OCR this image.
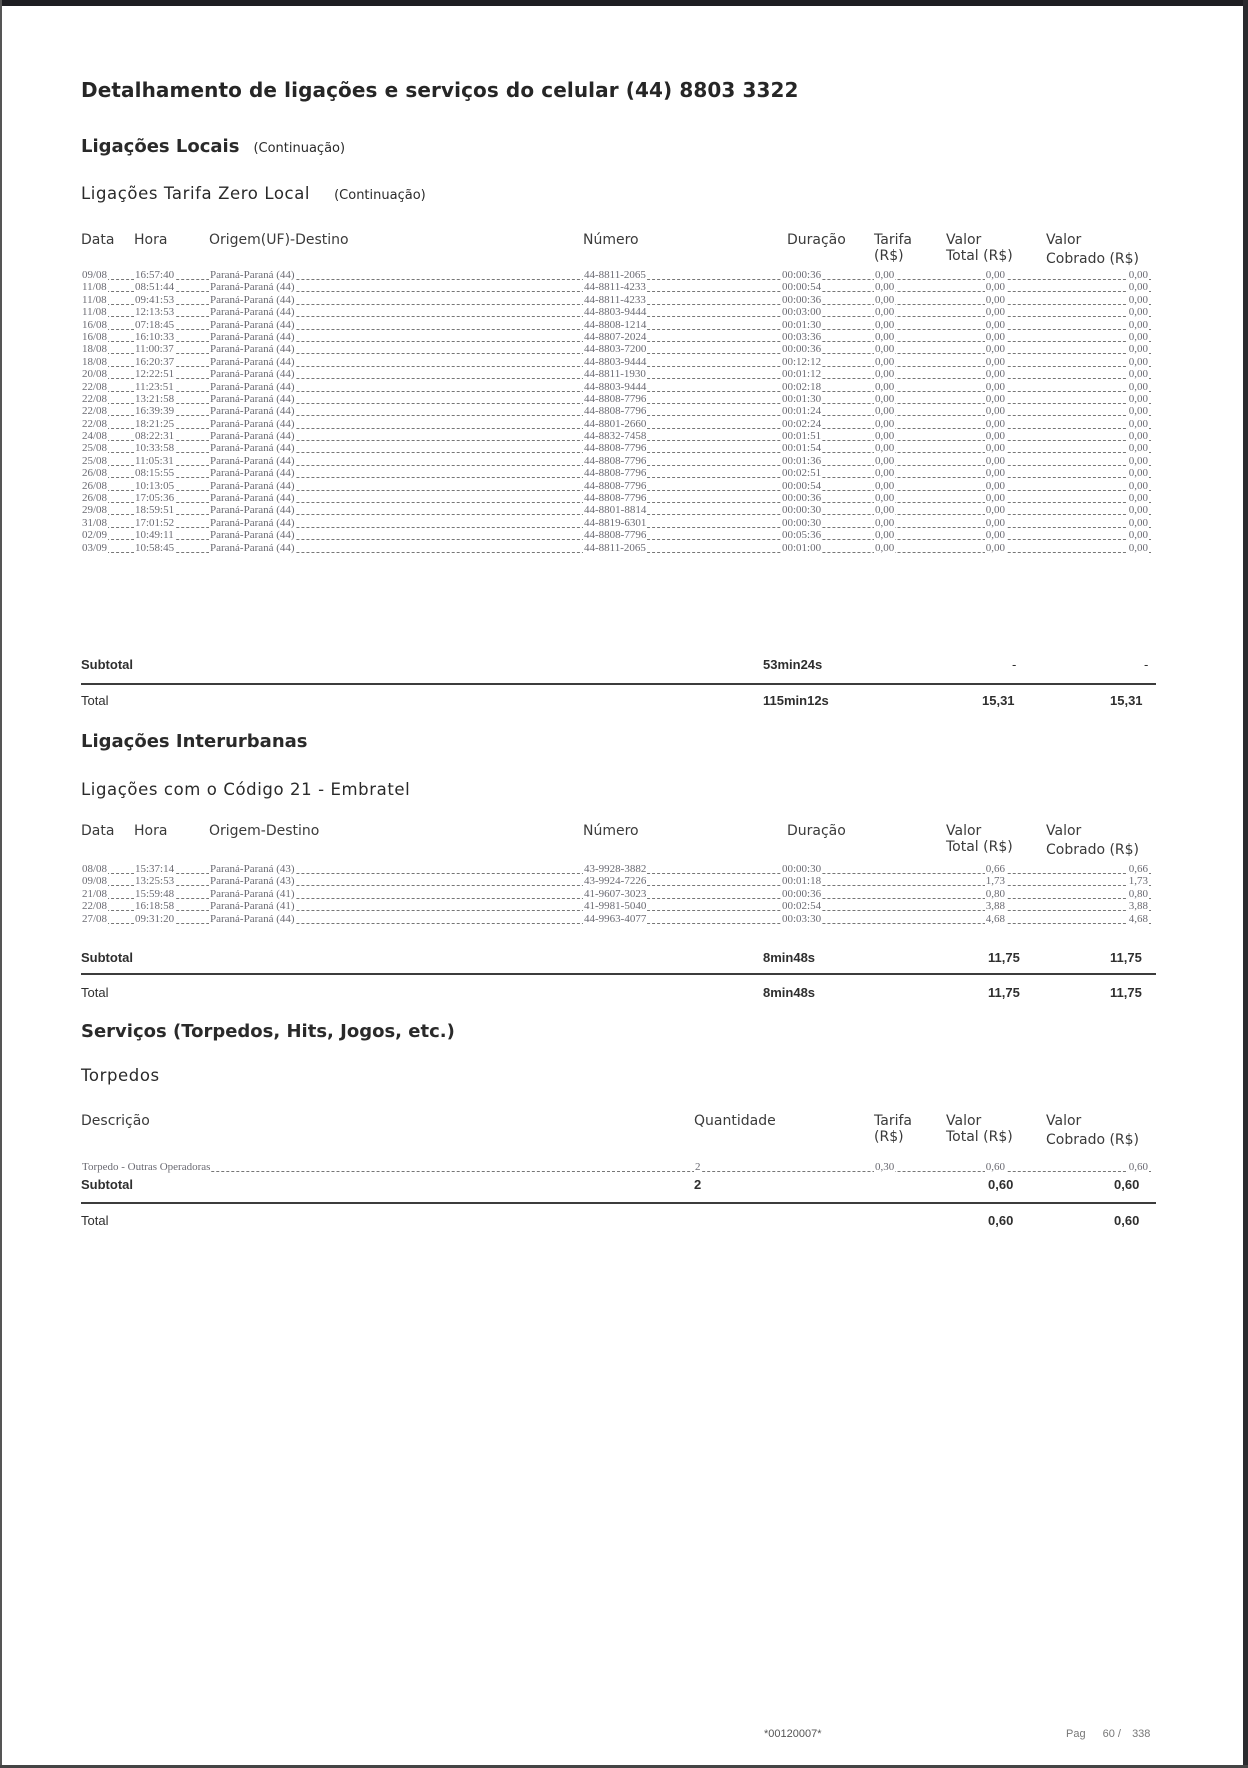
Detalhamento de ligações e serviços do celular (44) 8803 3322
Ligações Locais (Continuação)
Ligações Tarifa Zero Local (Continuação)
Data Hora	Origem(UF)-Destino	Número	Duração Tarifa
(R$)
Valor
Total (R$)
Valor
Cobrado (R$)
09/08	16:57:40	Paraná-Paraná (44)	44-8811-2065	00:00:36	0,00	0,00	0,00
11/08	08:51:44	Paraná-Paraná (44)	44-8811-4233	00:00:54	0,00	0,00	0,00
11/08	09:41:53	Paraná-Paraná (44)	44-8811-4233	00:00:36	0,00	0,00	0,00
11/08	12:13:53	Paraná-Paraná (44)	44-8803-9444	00:03:00	0,00	0,00	0,00
16/08	07:18:45	Paraná-Paraná (44)	44-8808-1214	00:01:30	0,00	0,00	0,00
16/08	16:10:33	Paraná-Paraná (44)	44-8807-2024	00:03:36	0,00	0,00	0,00
18/08	11:00:37	Paraná-Paraná (44)	44-8803-7200	00:00:36	0,00	0,00	0,00
18/08	16:20:37	Paraná-Paraná (44)	44-8803-9444	00:12:12	0,00	0,00	0,00
20/08	12:22:51	Paraná-Paraná (44)	44-8811-1930	00:01:12	0,00	0,00	0,00
22/08	11:23:51	Paraná-Paraná (44)	44-8803-9444	00:02:18	0,00	0,00	0,00
22/08	13:21:58	Paraná-Paraná (44)	44-8808-7796	00:01:30	0,00	0,00	0,00
22/08	16:39:39	Paraná-Paraná (44)	44-8808-7796	00:01:24	0,00	0,00	0,00
22/08	18:21:25	Paraná-Paraná (44)	44-8801-2660	00:02:24	0,00	0,00	0,00
24/08	08:22:31	Paraná-Paraná (44)	44-8832-7458	00:01:51	0,00	0,00	0,00
25/08	10:33:58	Paraná-Paraná (44)	44-8808-7796	00:01:54	0,00	0,00	0,00
25/08	11:05:31	Paraná-Paraná (44)	44-8808-7796	00:01:36	0,00	0,00	0,00
26/08	08:15:55	Paraná-Paraná (44)	44-8808-7796	00:02:51	0,00	0,00	0,00
26/08	10:13:05	Paraná-Paraná (44)	44-8808-7796	00:00:54	0,00	0,00	0,00
26/08	17:05:36	Paraná-Paraná (44)	44-8808-7796	00:00:36	0,00	0,00	0,00
29/08	18:59:51	Paraná-Paraná (44)	44-8801-8814	00:00:30	0,00	0,00	0,00
31/08	17:01:52	Paraná-Paraná (44)	44-8819-6301	00:00:30	0,00	0,00	0,00
02/09	10:49:11	Paraná-Paraná (44)	44-8808-7796	00:05:36	0,00	0,00	0,00
03/09	10:58:45	Paraná-Paraná (44)	44-8811-2065	00:01:00	0,00	0,00	0,00
Subtotal	53min24s	-	-
Total	115min12s	15,31	15,31
Ligações Interurbanas
Ligações com o Código 21 - Embratel
Data Hora	Origem-Destino	Número	Duração	Valor
Total (R$)
Valor
Cobrado (R$)
08/08	15:37:14	Paraná-Paraná (43)	43-9928-3882	00:00:30	0,66	0,66
09/08	13:25:53	Paraná-Paraná (43)	43-9924-7226	00:01:18	1,73	1,73
21/08	15:59:48	Paraná-Paraná (41)	41-9607-3023	00:00:36	0,80	0,80
22/08	16:18:58	Paraná-Paraná (41)	41-9981-5040	00:02:54	3,88	3,88
27/08	09:31:20	Paraná-Paraná (44)	44-9963-4077	00:03:30	4,68	4,68
Subtotal	8min48s	11,75	11,75
Total	8min48s	11,75	11,75
Serviços (Torpedos, Hits, Jogos, etc.)
Torpedos
Descrição	Quantidade	Tarifa
(R$)
Valor
Total (R$)
Valor
Cobrado (R$)
Torpedo - Outras Operadoras	2	0,30	0,60	0,60
Subtotal	2	0,60	0,60
Total	0,60	0,60
*00120007*	Pag 60 / 338
